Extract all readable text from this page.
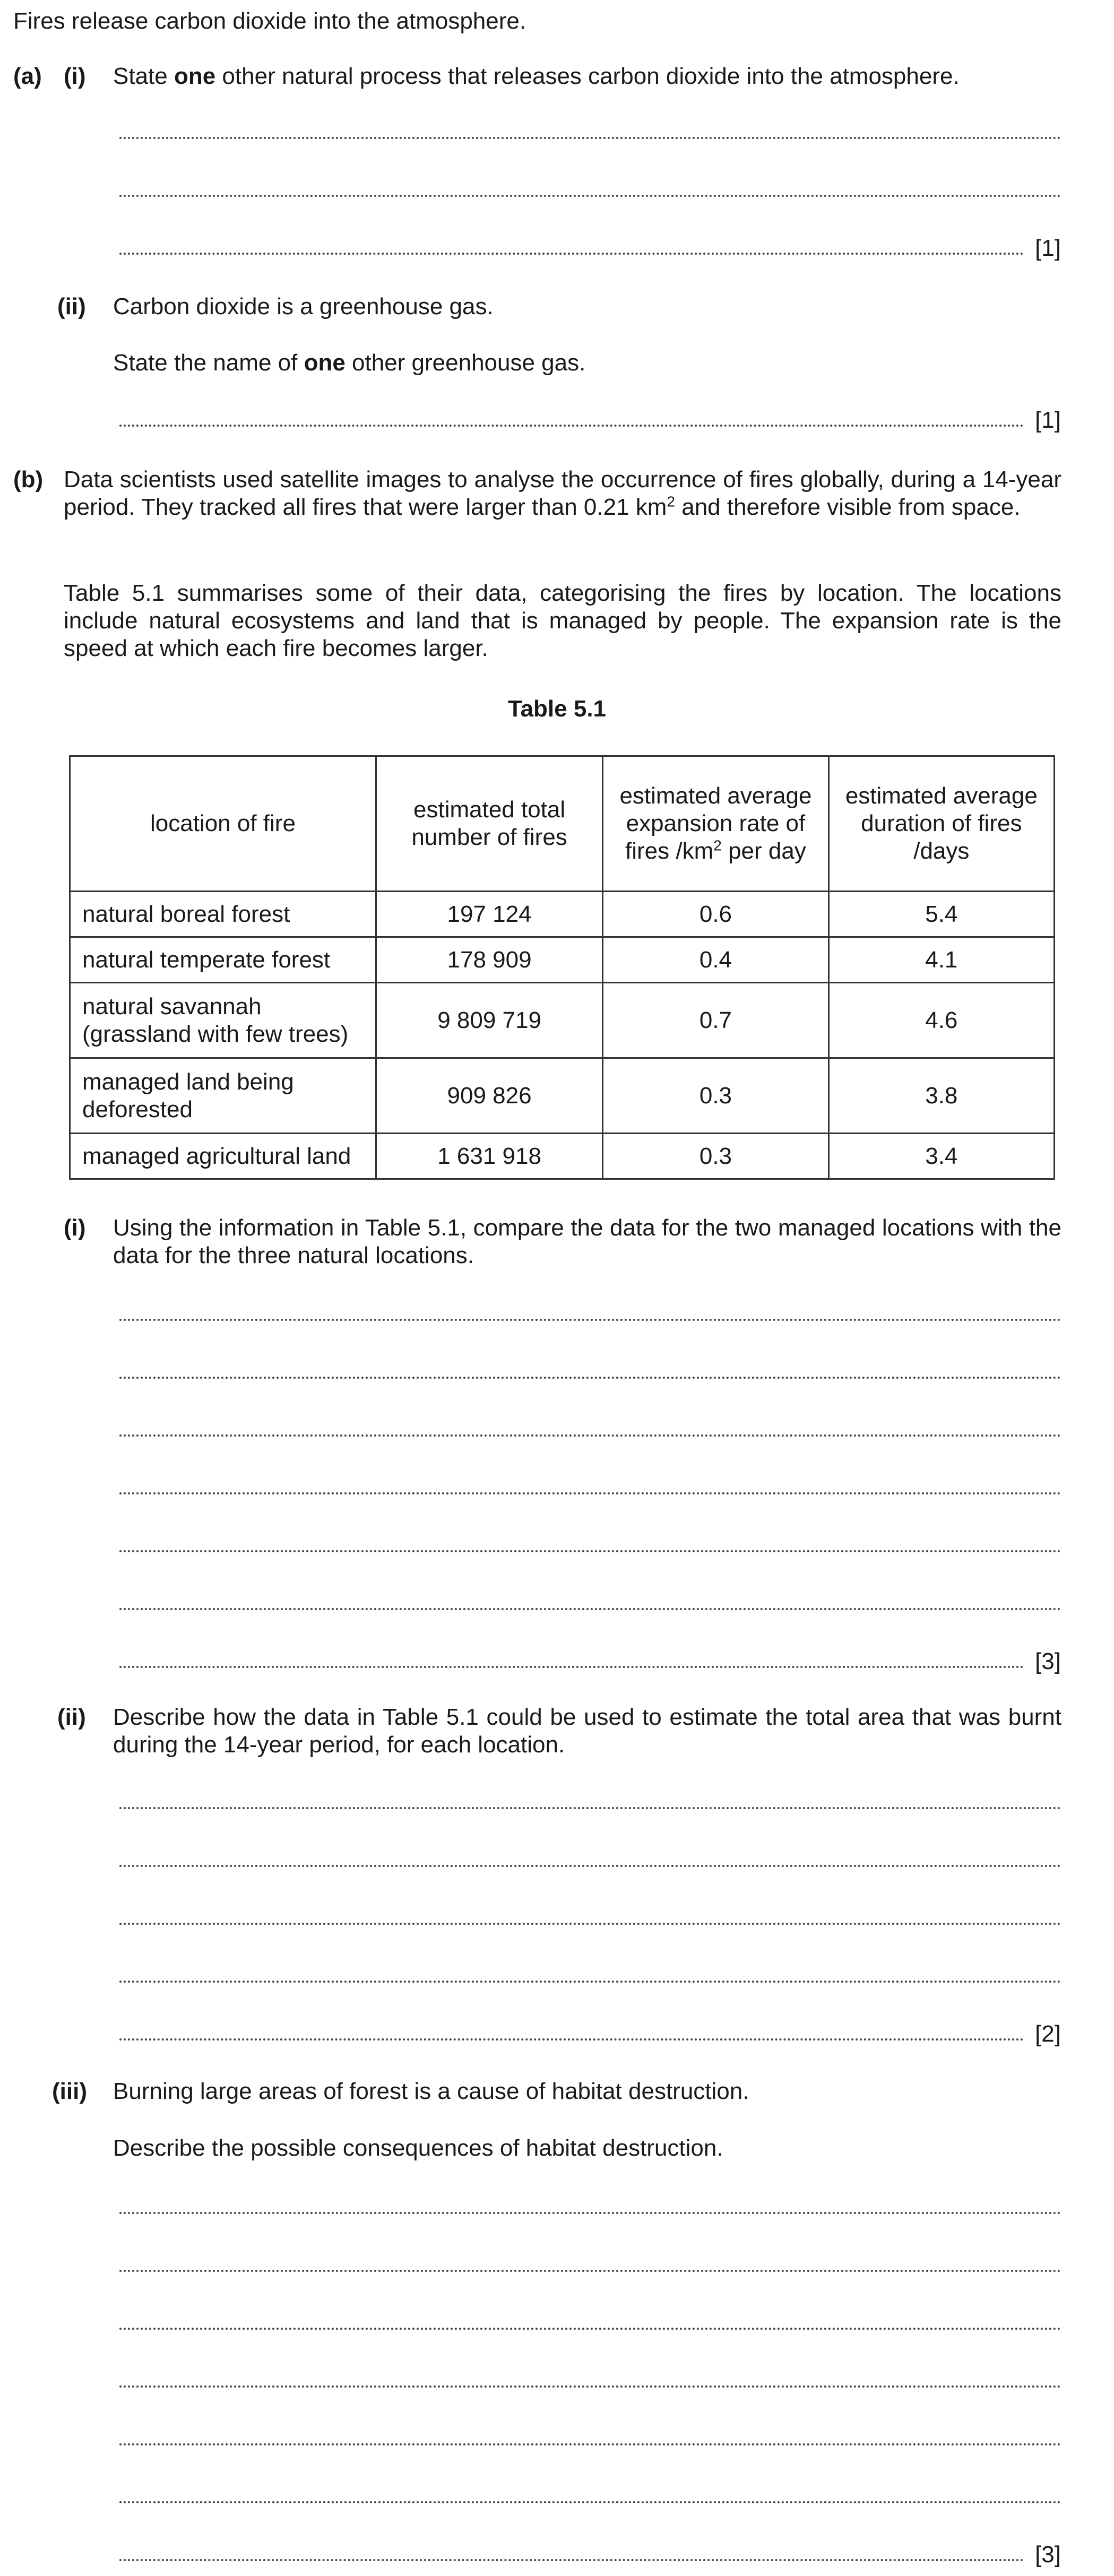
Fires release carbon dioxide into the atmosphere.
(a) (i) State one other natural process that releases carbon dioxide into the atmosphere.
[1]
(ii) Carbon dioxide is a greenhouse gas.
State the name of one other greenhouse gas.
[1]
(b) Data scientists used satellite images to analyse the occurrence of fires globally, during a 14-year period. They tracked all fires that were larger than 0.21 $km^2$ and therefore visible from space.
Table 5.1 summarises some of their data, categorising the fires by location. The locations include natural ecosystems and land that is managed by people. The expansion rate is the speed at which each fire becomes larger.
Table 5.1
location of fire	estimated total number of fires	estimated average expansion rate of fires $/km^2$ per day	estimated average duration of fires /days
natural boreal forest	197 124	0.6	5.4
natural temperate forest	178 909	0.4	4.1
natural savannah (grassland with few trees)	9 809 719	0.7	4.6
managed land being deforested	909 826	0.3	3.8
managed agricultural land	1 631 918	0.3	3.4
(i) Using the information in Table 5.1, compare the data for the two managed locations with the data for the three natural locations.
[3]
(ii) Describe how the data in Table 5.1 could be used to estimate the total area that was burnt during the 14-year period, for each location.
[2]
(iii) Burning large areas of forest is a cause of habitat destruction.
Describe the possible consequences of habitat destruction.
[3]
